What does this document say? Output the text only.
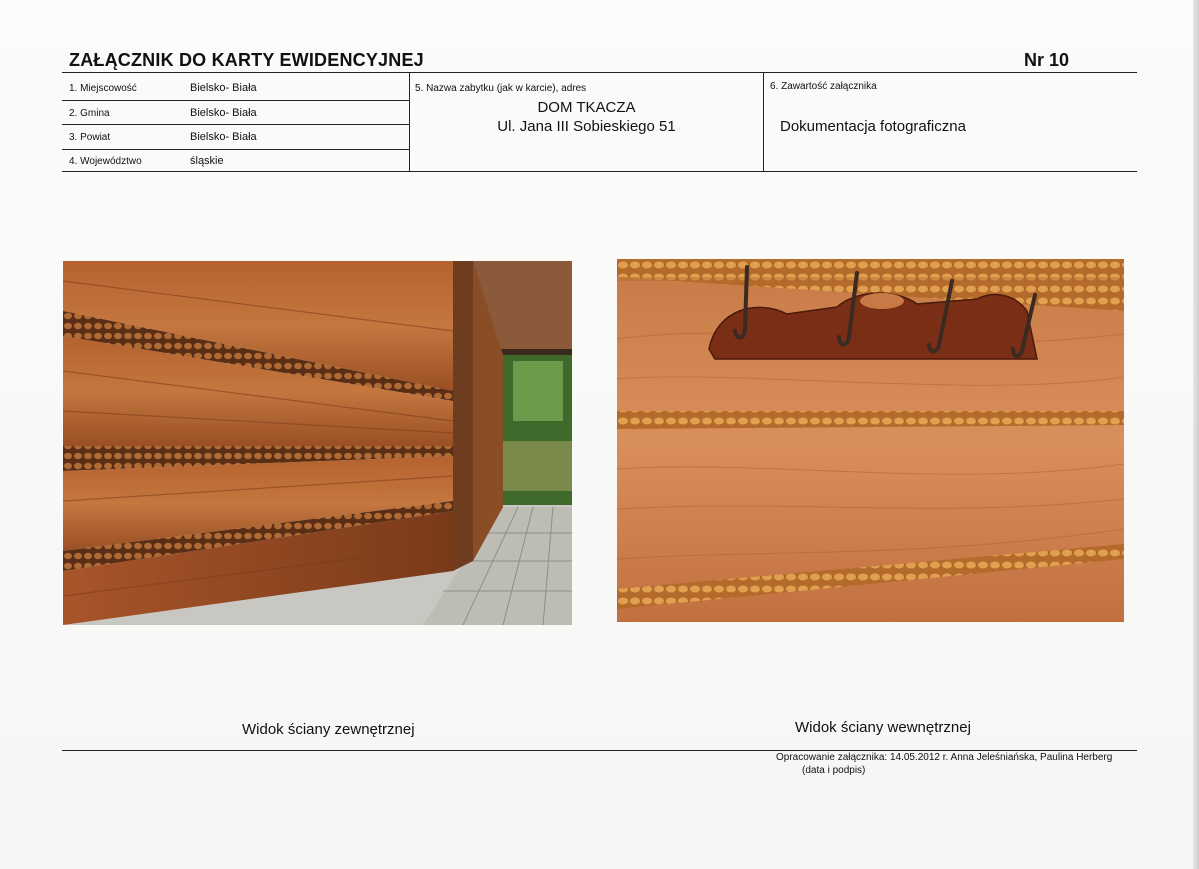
ZAŁĄCZNIK DO KARTY EWIDENCYJNEJ	Nr 10
1. Miejscowość	Bielsko- Biała
2. Gmina	Bielsko- Biała
3. Powiat	Bielsko- Biała
4. Województwo	śląskie
5. Nazwa zabytku (jak w karcie), adres
DOM TKACZA
Ul. Jana III Sobieskiego 51
6. Zawartość załącznika
Dokumentacja fotograficzna
Widok ściany zewnętrznej	Widok ściany wewnętrznej
Opracowanie załącznika: 14.05.2012 r. Anna Jeleśniańska, Paulina Herberg
(data i podpis)
